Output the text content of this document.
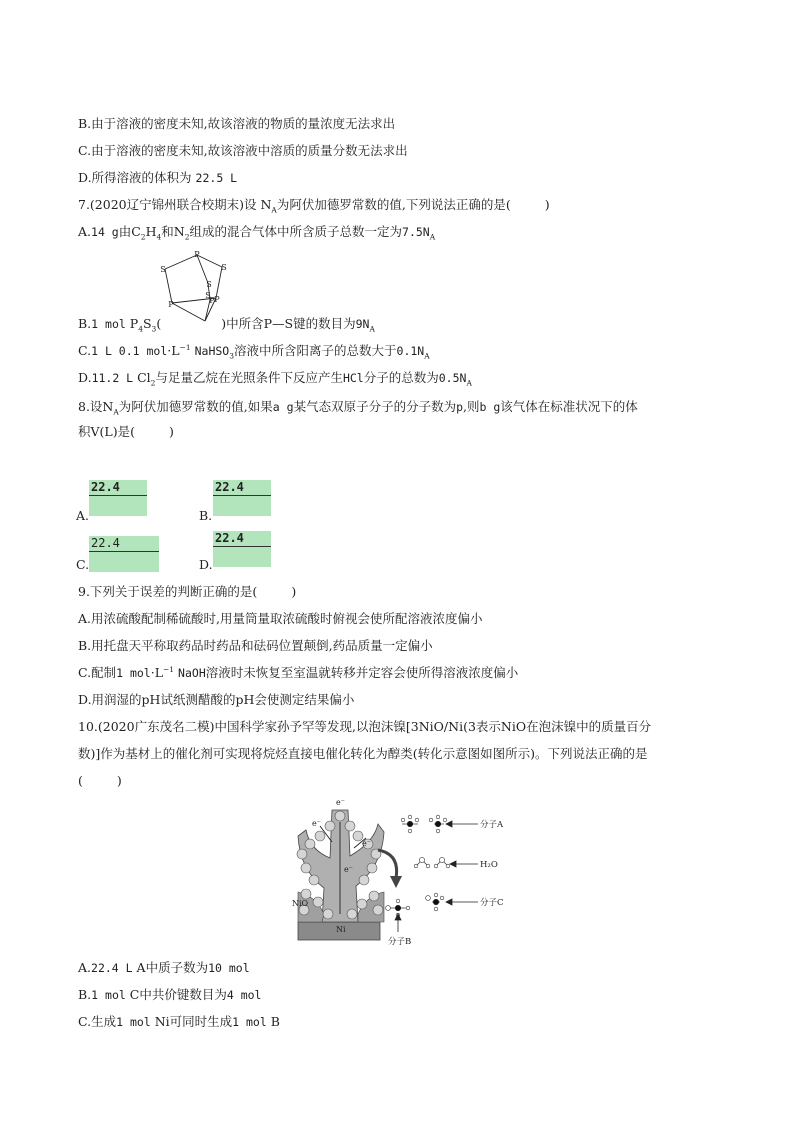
B.由于溶液的密度未知,故该溶液的物质的量浓度无法求出
C.由于溶液的密度未知,故该溶液中溶质的质量分数无法求出
D.所得溶液的体积为 22.5 L
7.(2020辽宁锦州联合校期末)设 $N_A$为阿伏加德罗常数的值,下列说法正确的是(	)
A.14 g由$C_2H_4$和$N_2$组成的混合气体中所含质子总数一定为$7.5N_A$
P
S	S
S
P
P
P
S
B.1 mol $P_4S_3$(	)中所含P—S键的数目为$9N_A$
C.1 L 0.1 $mol\cdot L^{-1}$ NaHSO$_3$溶液中所含阳离子的总数大于$0.1N_A$
D.11.2 L $Cl_2$与足量乙烷在光照条件下反应产生HCl分子的总数为$0.5N_A$
8.设$N_A$为阿伏加德罗常数的值,如果a g某气态双原子分子的分子数为p,则b g该气体在标准状况下的体
积V(L)是(	)
A.
22.4
B.
22.4
C.
22.4
D.
22.4
9.下列关于误差的判断正确的是(	)
A.用浓硫酸配制稀硫酸时,用量筒量取浓硫酸时俯视会使所配溶液浓度偏小
B.用托盘天平称取药品时药品和砝码位置颠倒,药品质量一定偏小
C.配制1 $mol\cdot L^{-1}$ NaOH溶液时未恢复至室温就转移并定容会使所得溶液浓度偏小
D.用润湿的pH试纸测醋酸的pH会使测定结果偏小
10.(2020广东茂名二模)中国科学家孙予罕等发现,以泡沫镍[3NiO/Ni(3表示NiO在泡沫镍中的质量百分
数)]作为基材上的催化剂可实现将烷烃直接电催化转化为醇类(转化示意图如图所示)。下列说法正确的是
(	)
e⁻
e⁻
e⁻
e⁻
NiO
Ni
分子A
H₂O
分子C
分子B
A.22.4 L A中质子数为10 mol
B.1 mol C中共价键数目为4 mol
C.生成1 mol Ni可同时生成1 mol B
